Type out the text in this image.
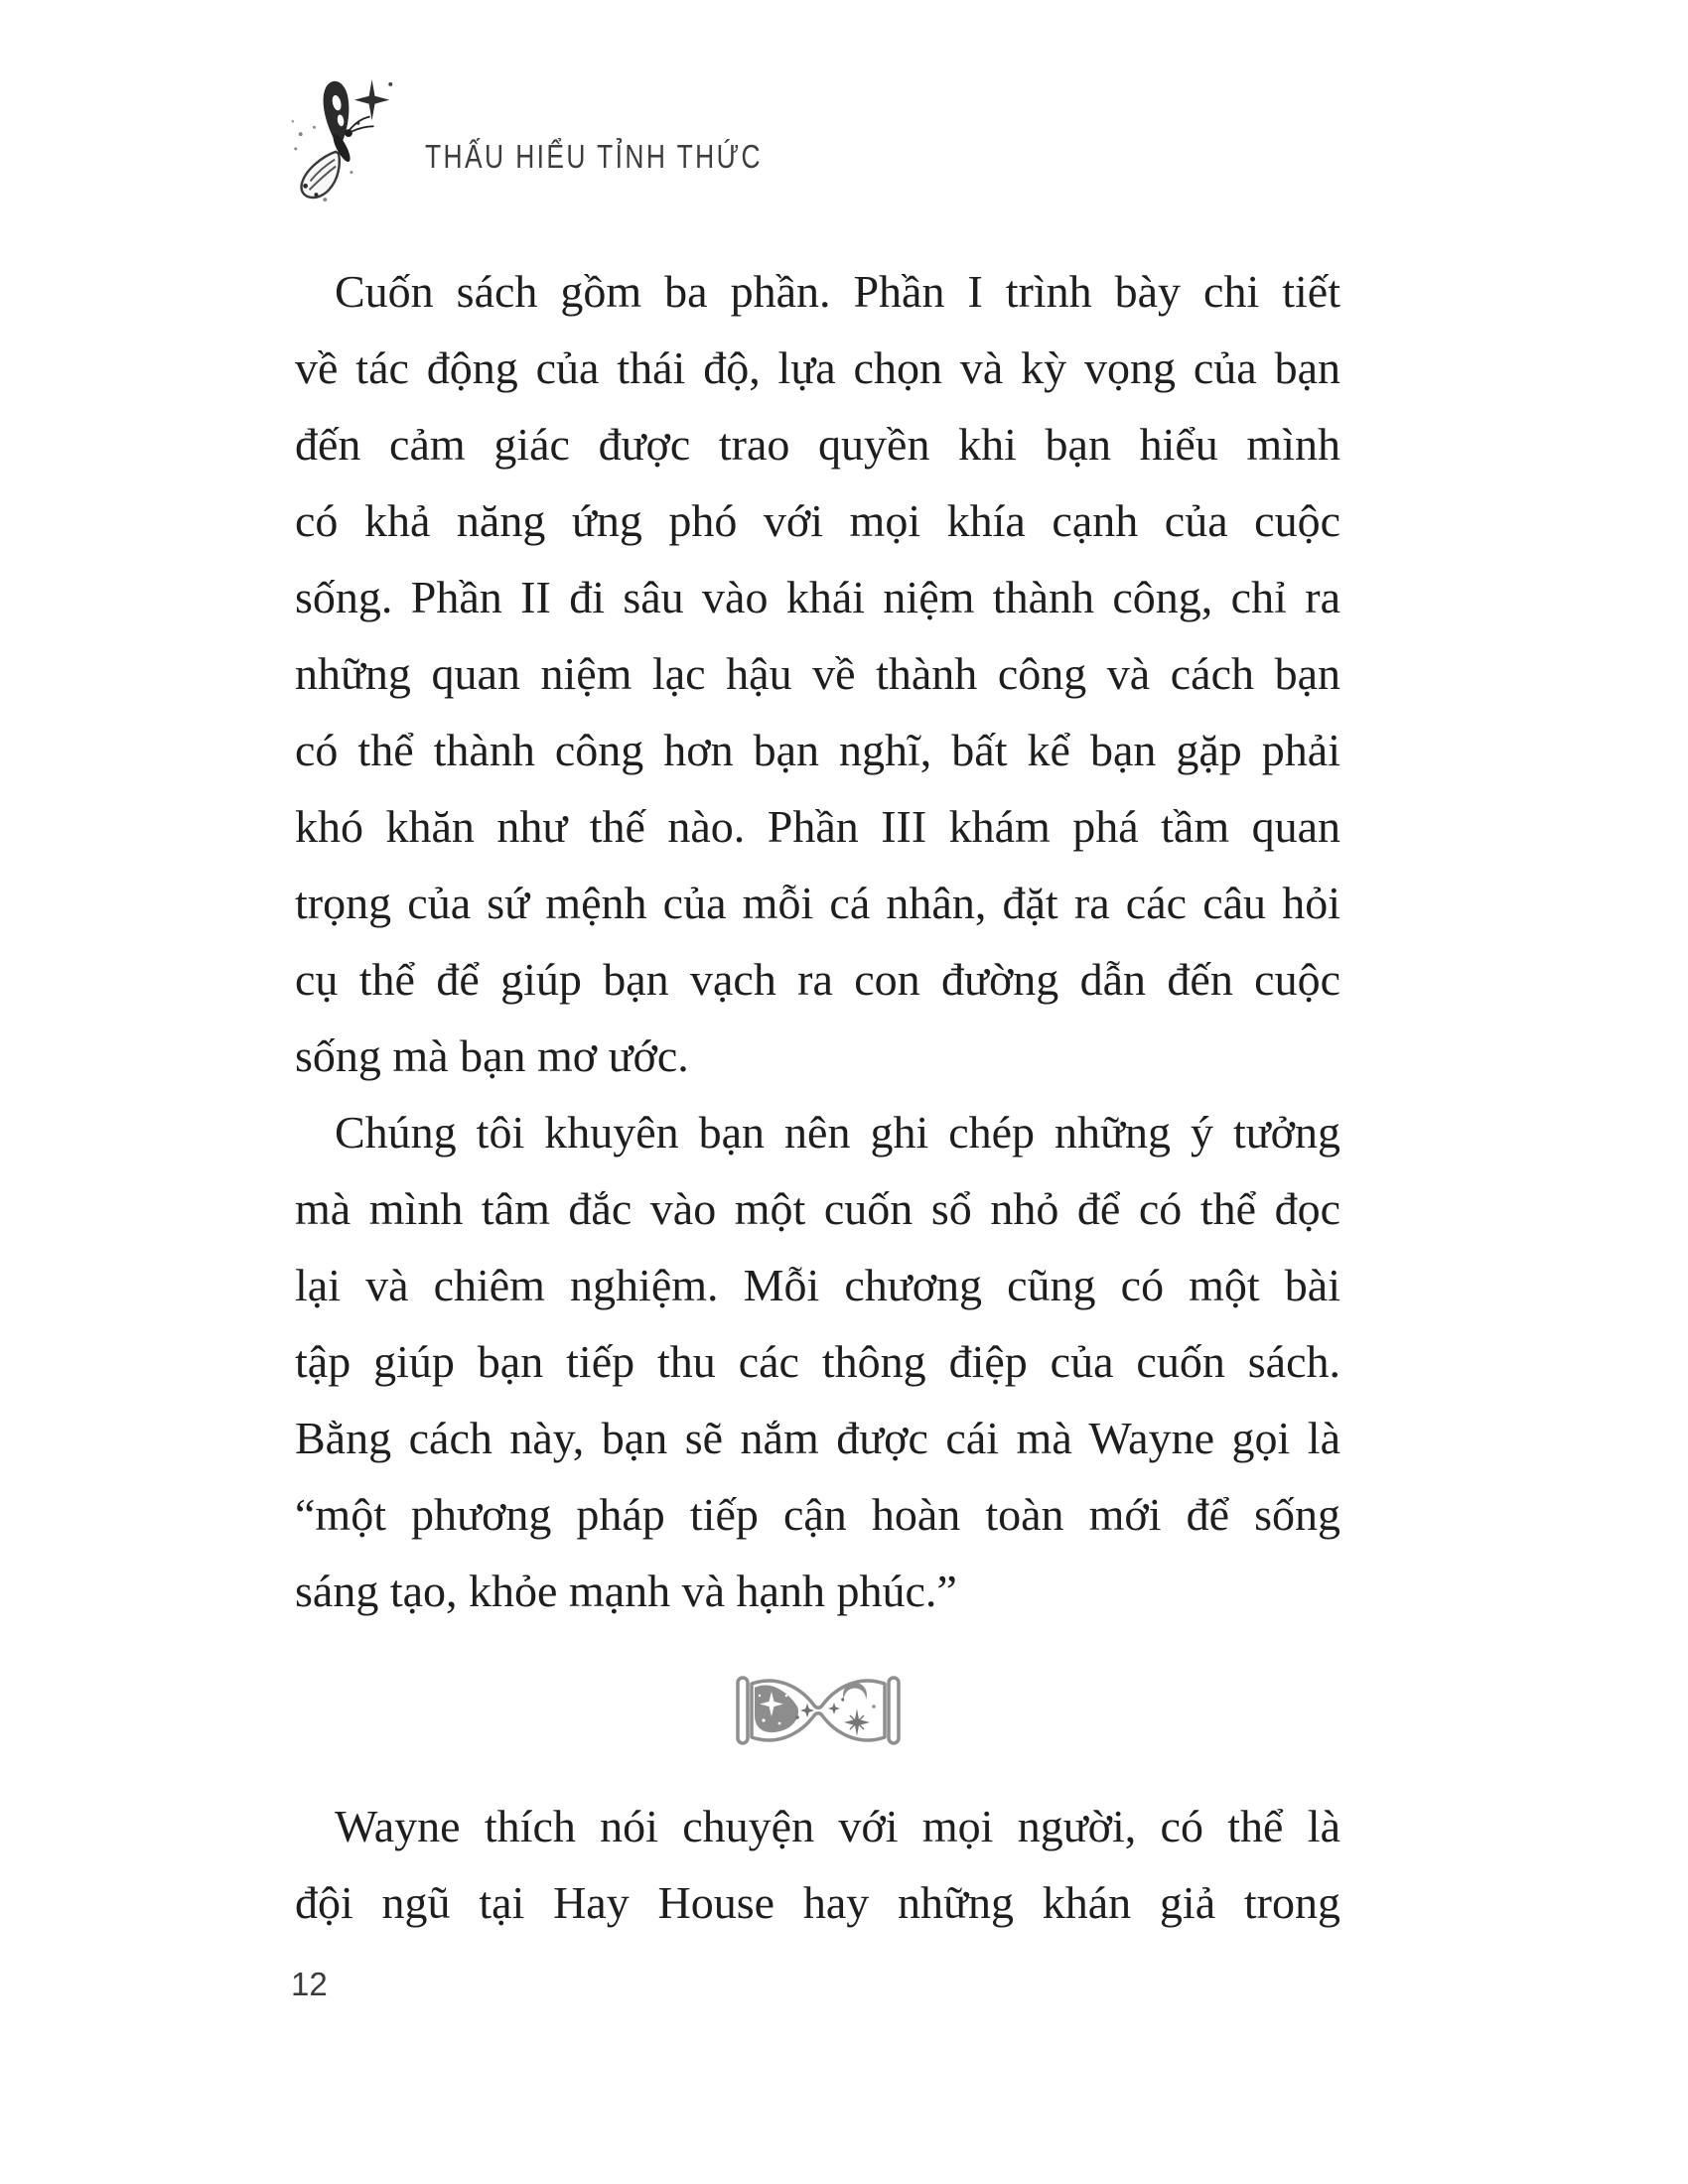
THẤU HIỂU TỈNH THỨC

Cuốn sách gồm ba phần. Phần I trình bày chi tiết
về tác động của thái độ, lựa chọn và kỳ vọng của bạn
đến cảm giác được trao quyền khi bạn hiểu mình
có khả năng ứng phó với mọi khía cạnh của cuộc
sống. Phần II đi sâu vào khái niệm thành công, chỉ ra
những quan niệm lạc hậu về thành công và cách bạn
có thể thành công hơn bạn nghĩ, bất kể bạn gặp phải
khó khăn như thế nào. Phần III khám phá tầm quan
trọng của sứ mệnh của mỗi cá nhân, đặt ra các câu hỏi
cụ thể để giúp bạn vạch ra con đường dẫn đến cuộc
sống mà bạn mơ ước.

Chúng tôi khuyên bạn nên ghi chép những ý tưởng
mà mình tâm đắc vào một cuốn sổ nhỏ để có thể đọc
lại và chiêm nghiệm. Mỗi chương cũng có một bài
tập giúp bạn tiếp thu các thông điệp của cuốn sách.
Bằng cách này, bạn sẽ nắm được cái mà Wayne gọi là
“một phương pháp tiếp cận hoàn toàn mới để sống
sáng tạo, khỏe mạnh và hạnh phúc.”

Wayne thích nói chuyện với mọi người, có thể là
đội ngũ tại Hay House hay những khán giả trong

12
